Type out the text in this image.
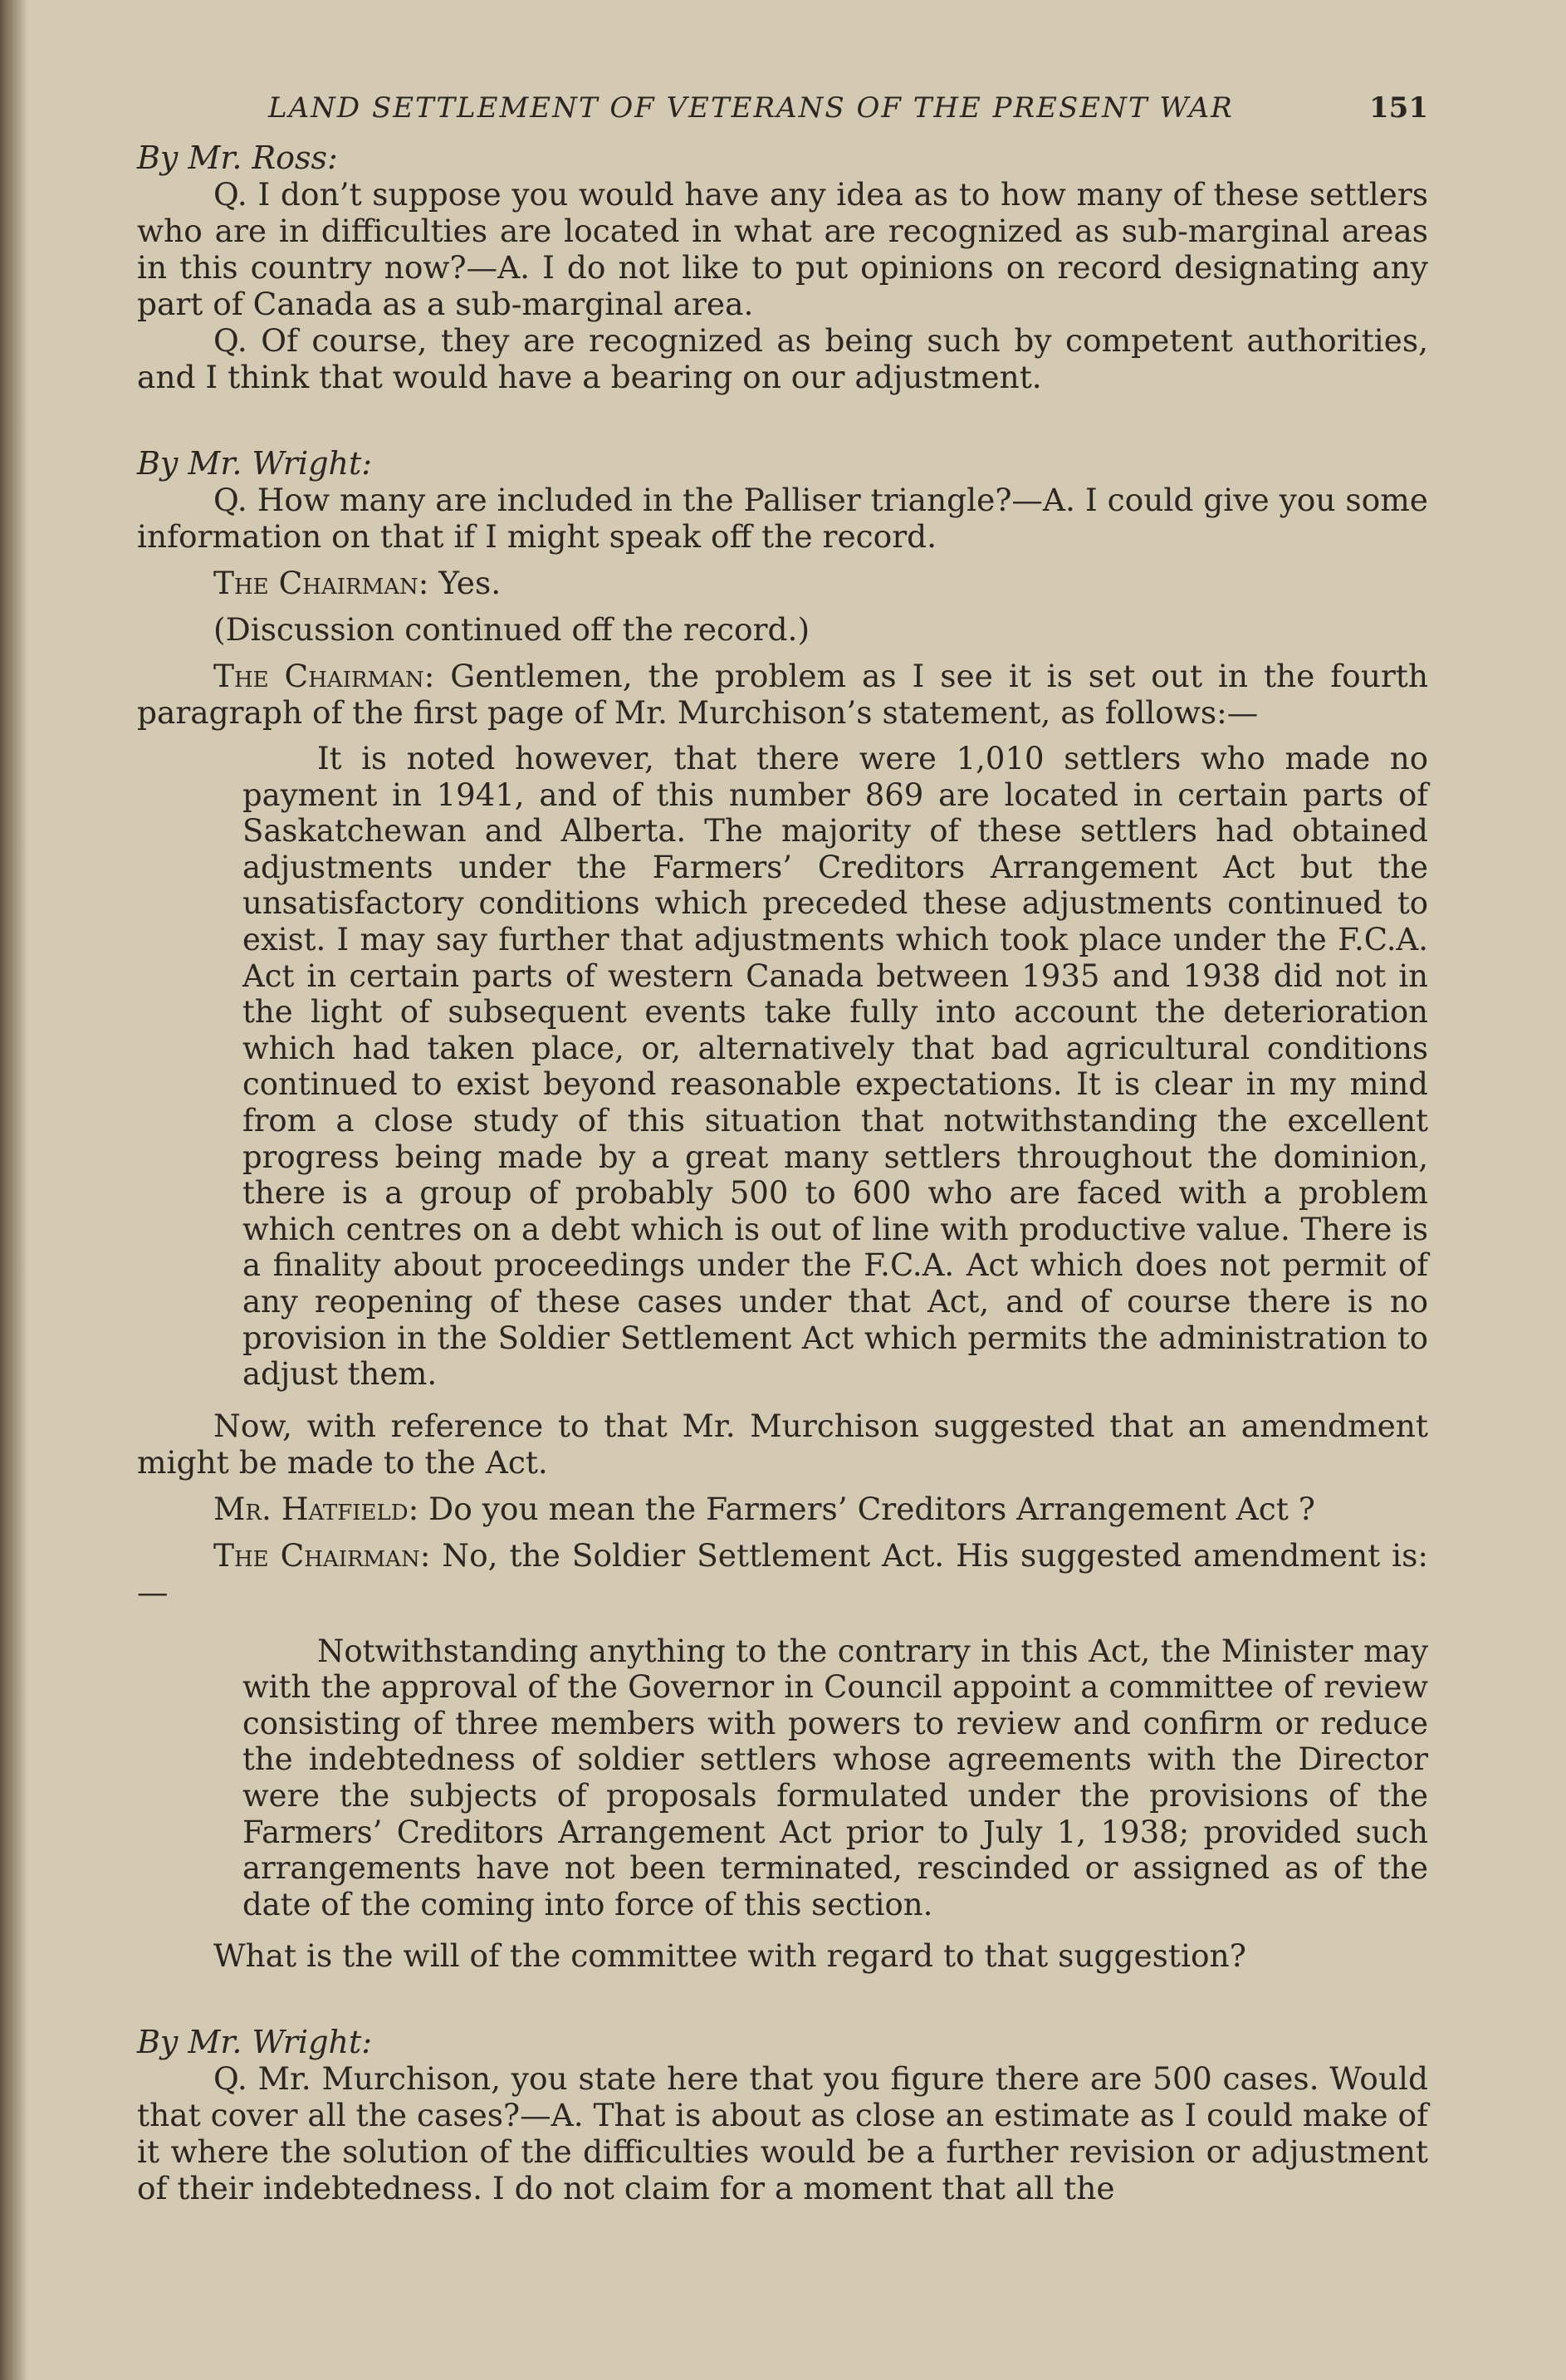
LAND SETTLEMENT OF VETERANS OF THE PRESENT WAR	151

By Mr. Ross:

Q. I don’t suppose you would have any idea as to how many of these settlers who are in difficulties are located in what are recognized as sub-marginal areas in this country now?—A. I do not like to put opinions on record designating any part of Canada as a sub-marginal area.

Q. Of course, they are recognized as being such by competent authorities, and I think that would have a bearing on our adjustment.

By Mr. Wright:

Q. How many are included in the Palliser triangle?—A. I could give you some information on that if I might speak off the record.

The Chairman: Yes.

(Discussion continued off the record.)

The Chairman: Gentlemen, the problem as I see it is set out in the fourth paragraph of the first page of Mr. Murchison’s statement, as follows:—

It is noted however, that there were 1,010 settlers who made no payment in 1941, and of this number 869 are located in certain parts of Saskatchewan and Alberta. The majority of these settlers had obtained adjustments under the Farmers’ Creditors Arrangement Act but the unsatisfactory conditions which preceded these adjustments continued to exist. I may say further that adjustments which took place under the F.C.A. Act in certain parts of western Canada between 1935 and 1938 did not in the light of subsequent events take fully into account the deterioration which had taken place, or, alternatively that bad agricultural conditions continued to exist beyond reasonable expectations. It is clear in my mind from a close study of this situation that notwithstanding the excellent progress being made by a great many settlers throughout the dominion, there is a group of probably 500 to 600 who are faced with a problem which centres on a debt which is out of line with productive value. There is a finality about proceedings under the F.C.A. Act which does not permit of any reopening of these cases under that Act, and of course there is no provision in the Soldier Settlement Act which permits the administration to adjust them.

Now, with reference to that Mr. Murchison suggested that an amendment might be made to the Act.

Mr. Hatfield: Do you mean the Farmers’ Creditors Arrangement Act ?

The Chairman: No, the Soldier Settlement Act. His suggested amendment is:—

Notwithstanding anything to the contrary in this Act, the Minister may with the approval of the Governor in Council appoint a committee of review consisting of three members with powers to review and confirm or reduce the indebtedness of soldier settlers whose agreements with the Director were the subjects of proposals formulated under the provisions of the Farmers’ Creditors Arrangement Act prior to July 1, 1938; provided such arrangements have not been terminated, rescinded or assigned as of the date of the coming into force of this section.

What is the will of the committee with regard to that suggestion?

By Mr. Wright:

Q. Mr. Murchison, you state here that you figure there are 500 cases. Would that cover all the cases?—A. That is about as close an estimate as I could make of it where the solution of the difficulties would be a further revision or adjustment of their indebtedness. I do not claim for a moment that all the
